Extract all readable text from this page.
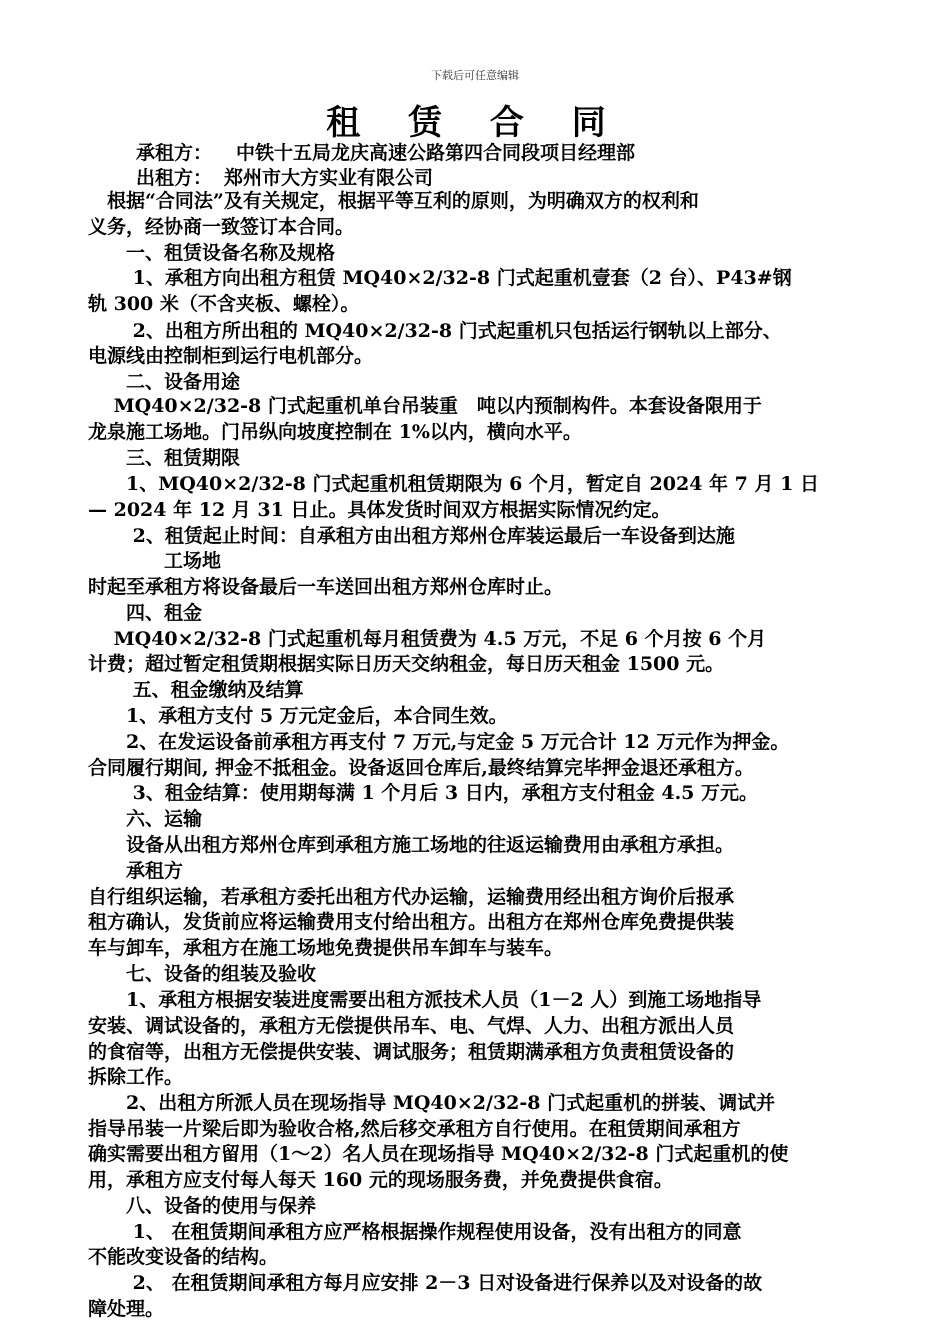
下载后可任意编辑
租 赁 合 同
承租方： 中铁十五局龙庆高速公路第四合同段项目经理部
出租方： 郑州市大方实业有限公司
　根据“合同法”及有关规定，根据平等互利的原则，为明确双方的权利和
义务，经协商一致签订本合同。
　　一、租赁设备名称及规格
　　 1、承租方向出租方租赁 MQ40×2/32-8 门式起重机壹套（2 台）、P43#钢
轨 300 米（不含夹板、螺栓）。
　　 2、出租方所出租的 MQ40×2/32-8 门式起重机只包括运行钢轨以上部分、
电源线由控制柜到运行电机部分。
　　二、设备用途
　 MQ40×2/32-8 门式起重机单台吊装重　吨以内预制构件。本套设备限用于
龙泉施工场地。门吊纵向坡度控制在 1%以内，横向水平。
　　三、租赁期限
　　1、MQ40×2/32-8 门式起重机租赁期限为 6 个月，暂定自 2024 年 7 月 1 日
— 2024 年 12 月 31 日止。具体发货时间双方根据实际情况约定。
　　 2、租赁起止时间：自承租方由出租方郑州仓库装运最后一车设备到达施
　　　　工场地
时起至承租方将设备最后一车送回出租方郑州仓库时止。
　　四、租金
　 MQ40×2/32-8 门式起重机每月租赁费为 4.5 万元，不足 6 个月按 6 个月
计费；超过暂定租赁期根据实际日历天交纳租金，每日历天租金 1500 元。
　　 五、租金缴纳及结算
　　1、承租方支付 5 万元定金后，本合同生效。
　　2、在发运设备前承租方再支付 7 万元,与定金 5 万元合计 12 万元作为押金。
合同履行期间, 押金不抵租金。设备返回仓库后,最终结算完毕押金退还承租方。
　　 3、租金结算：使用期每满 1 个月后 3 日内，承租方支付租金 4.5 万元。
　　六、运输
　　设备从出租方郑州仓库到承租方施工场地的往返运输费用由承租方承担。
　　承租方
自行组织运输，若承租方委托出租方代办运输，运输费用经出租方询价后报承
租方确认，发货前应将运输费用支付给出租方。出租方在郑州仓库免费提供装
车与卸车，承租方在施工场地免费提供吊车卸车与装车。
　　七、设备的组装及验收
　　1、承租方根据安装进度需要出租方派技术人员（1－2 人）到施工场地指导
安装、调试设备的，承租方无偿提供吊车、电、气焊、人力、出租方派出人员
的食宿等，出租方无偿提供安装、调试服务；租赁期满承租方负责租赁设备的
拆除工作。
　　2、出租方所派人员在现场指导 MQ40×2/32-8 门式起重机的拼装、调试并
指导吊装一片梁后即为验收合格,然后移交承租方自行使用。在租赁期间承租方
确实需要出租方留用（1～2）名人员在现场指导 MQ40×2/32-8 门式起重机的使
用，承租方应支付每人每天 160 元的现场服务费，并免费提供食宿。
　　八、设备的使用与保养
　　 1、 在租赁期间承租方应严格根据操作规程使用设备，没有出租方的同意
不能改变设备的结构。
　　 2、 在租赁期间承租方每月应安排 2－3 日对设备进行保养以及对设备的故
障处理。
